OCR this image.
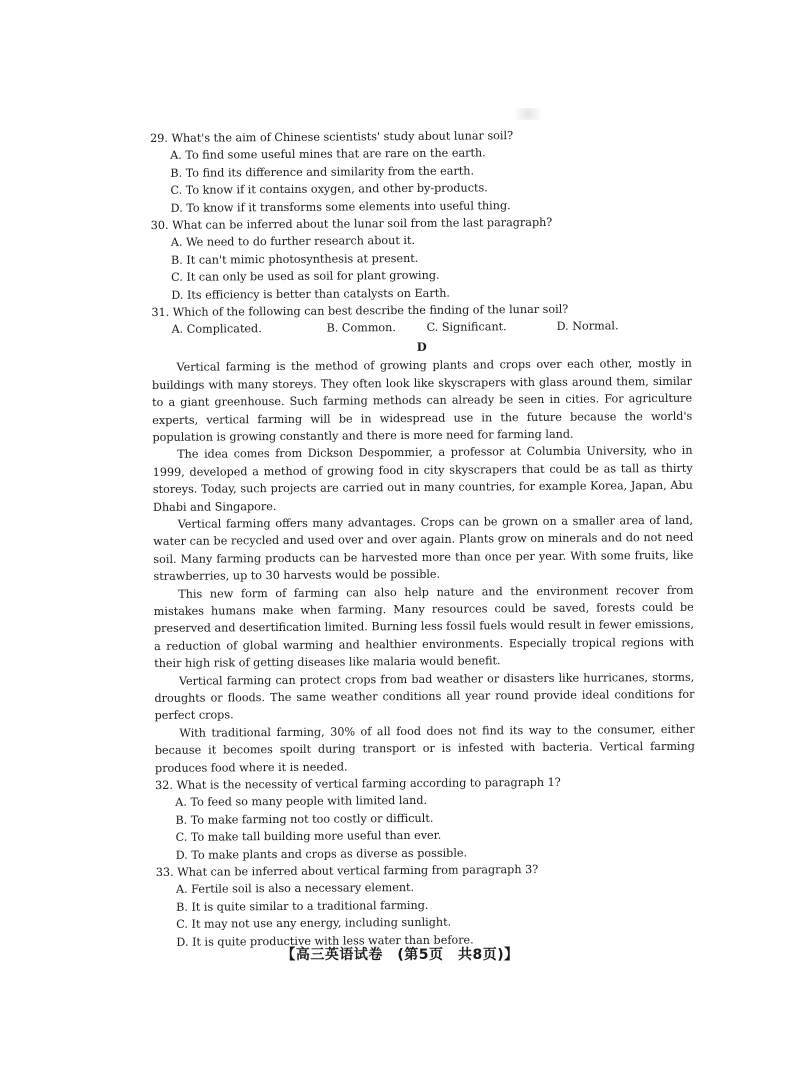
29. What's the aim of Chinese scientists' study about lunar soil?

A. To find some useful mines that are rare on the earth.

B. To find its difference and similarity from the earth.

C. To know if it contains oxygen, and other by-products.

D. To know if it transforms some elements into useful thing.

30. What can be inferred about the lunar soil from the last paragraph?

A. We need to do further research about it.

B. It can't mimic photosynthesis at present.

C. It can only be used as soil for plant growing.

D. Its efficiency is better than catalysts on Earth.

31. Which of the following can best describe the finding of the lunar soil?

A. Complicated.	B. Common.	C. Significant.	D. Normal.
D

Vertical farming is the method of growing plants and crops over each other, mostly in buildings with many storeys. They often look like skyscrapers with glass around them, similar to a giant greenhouse. Such farming methods can already be seen in cities. For agriculture experts, vertical farming will be in widespread use in the future because the world's population is growing constantly and there is more need for farming land.

The idea comes from Dickson Despommier, a professor at Columbia University, who in 1999, developed a method of growing food in city skyscrapers that could be as tall as thirty storeys. Today, such projects are carried out in many countries, for example Korea, Japan, Abu Dhabi and Singapore.

Vertical farming offers many advantages. Crops can be grown on a smaller area of land, water can be recycled and used over and over again. Plants grow on minerals and do not need soil. Many farming products can be harvested more than once per year. With some fruits, like strawberries, up to 30 harvests would be possible.

This new form of farming can also help nature and the environment recover from mistakes humans make when farming. Many resources could be saved, forests could be preserved and desertification limited. Burning less fossil fuels would result in fewer emissions, a reduction of global warming and healthier environments. Especially tropical regions with their high risk of getting diseases like malaria would benefit.

Vertical farming can protect crops from bad weather or disasters like hurricanes, storms, droughts or floods. The same weather conditions all year round provide ideal conditions for perfect crops.

With traditional farming, 30% of all food does not find its way to the consumer, either because it becomes spoilt during transport or is infested with bacteria. Vertical farming produces food where it is needed.

32. What is the necessity of vertical farming according to paragraph 1?

A. To feed so many people with limited land.

B. To make farming not too costly or difficult.

C. To make tall building more useful than ever.

D. To make plants and crops as diverse as possible.

33. What can be inferred about vertical farming from paragraph 3?

A. Fertile soil is also a necessary element.

B. It is quite similar to a traditional farming.

C. It may not use any energy, including sunlight.

D. It is quite productive with less water than before.

【高三英语试卷　(第5页　共8页)】
